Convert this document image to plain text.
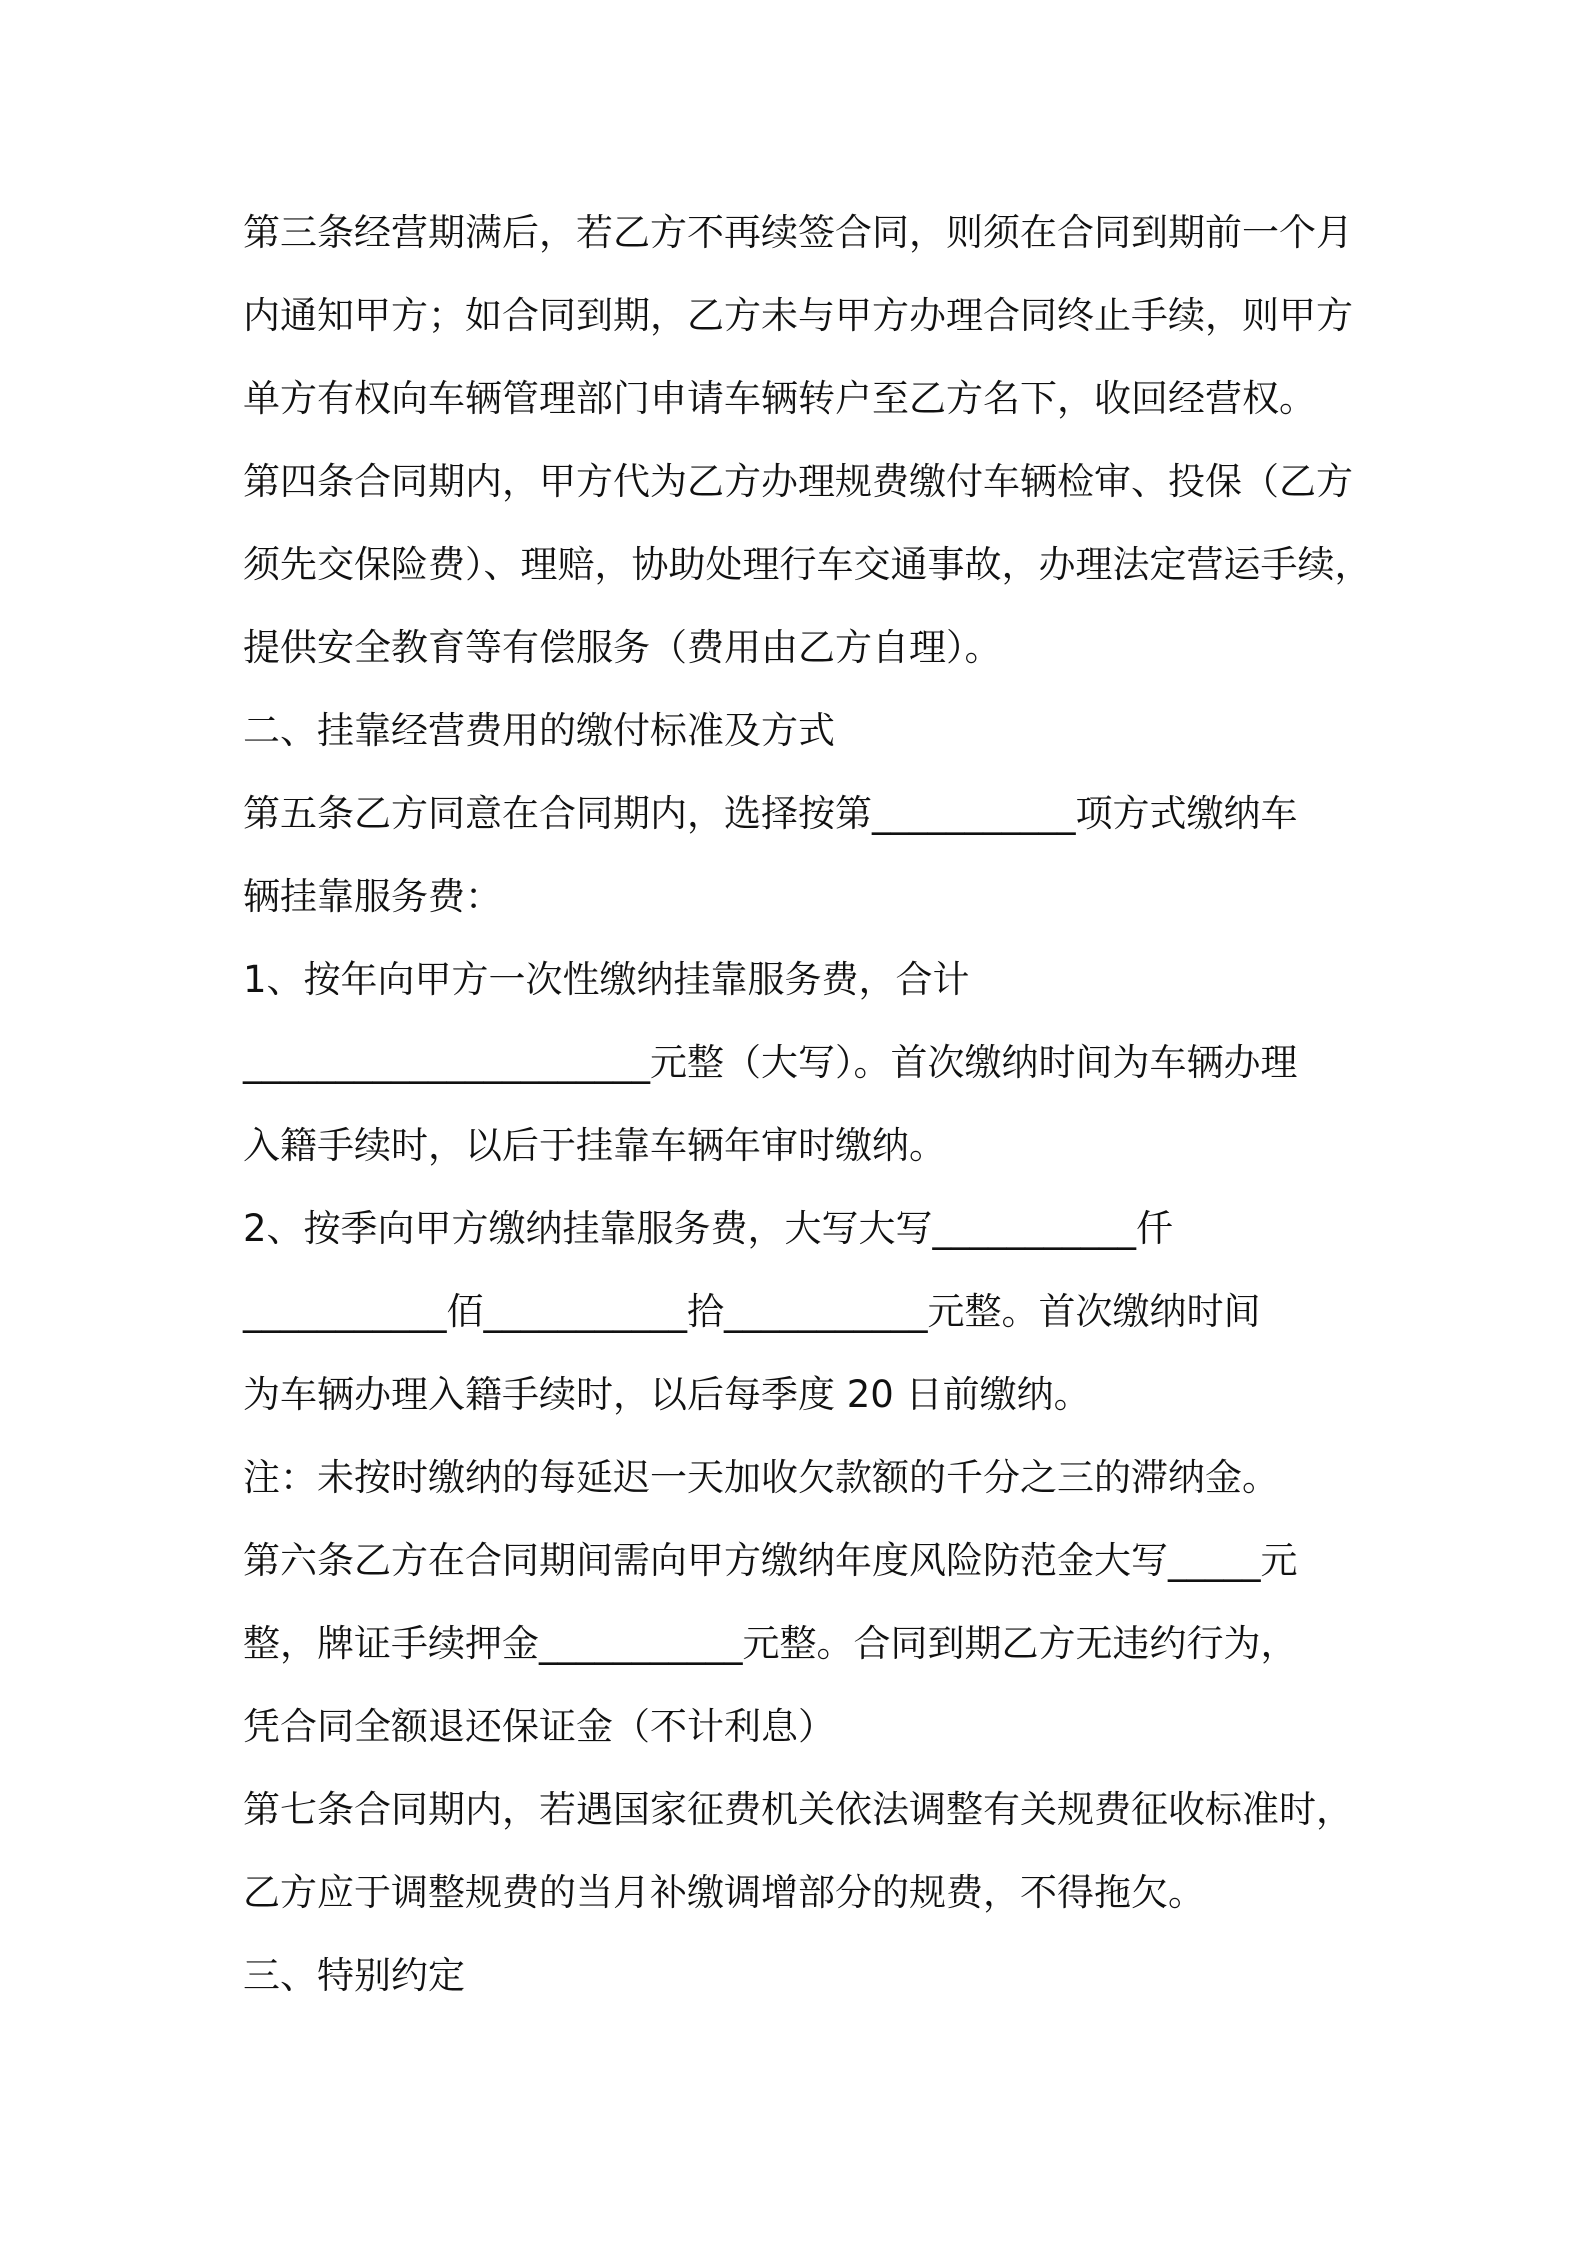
第三条经营期满后，若乙方不再续签合同，则须在合同到期前一个月
内通知甲方；如合同到期，乙方未与甲方办理合同终止手续，则甲方
单方有权向车辆管理部门申请车辆转户至乙方名下，收回经营权。
第四条合同期内，甲方代为乙方办理规费缴付车辆检审、投保（乙方
须先交保险费）、理赔，协助处理行车交通事故，办理法定营运手续，
提供安全教育等有偿服务（费用由乙方自理）。
二、挂靠经营费用的缴付标准及方式
第五条乙方同意在合同期内，选择按第___________项方式缴纳车
辆挂靠服务费：
1、按年向甲方一次性缴纳挂靠服务费，合计
______________________元整（大写）。首次缴纳时间为车辆办理
入籍手续时，以后于挂靠车辆年审时缴纳。
2、按季向甲方缴纳挂靠服务费，大写大写___________仟
___________佰___________拾___________元整。首次缴纳时间
为车辆办理入籍手续时，以后每季度 20 日前缴纳。
注：未按时缴纳的每延迟一天加收欠款额的千分之三的滞纳金。
第六条乙方在合同期间需向甲方缴纳年度风险防范金大写_____元
整，牌证手续押金___________元整。合同到期乙方无违约行为，
凭合同全额退还保证金（不计利息）
第七条合同期内，若遇国家征费机关依法调整有关规费征收标准时，
乙方应于调整规费的当月补缴调增部分的规费，不得拖欠。
三、特别约定
